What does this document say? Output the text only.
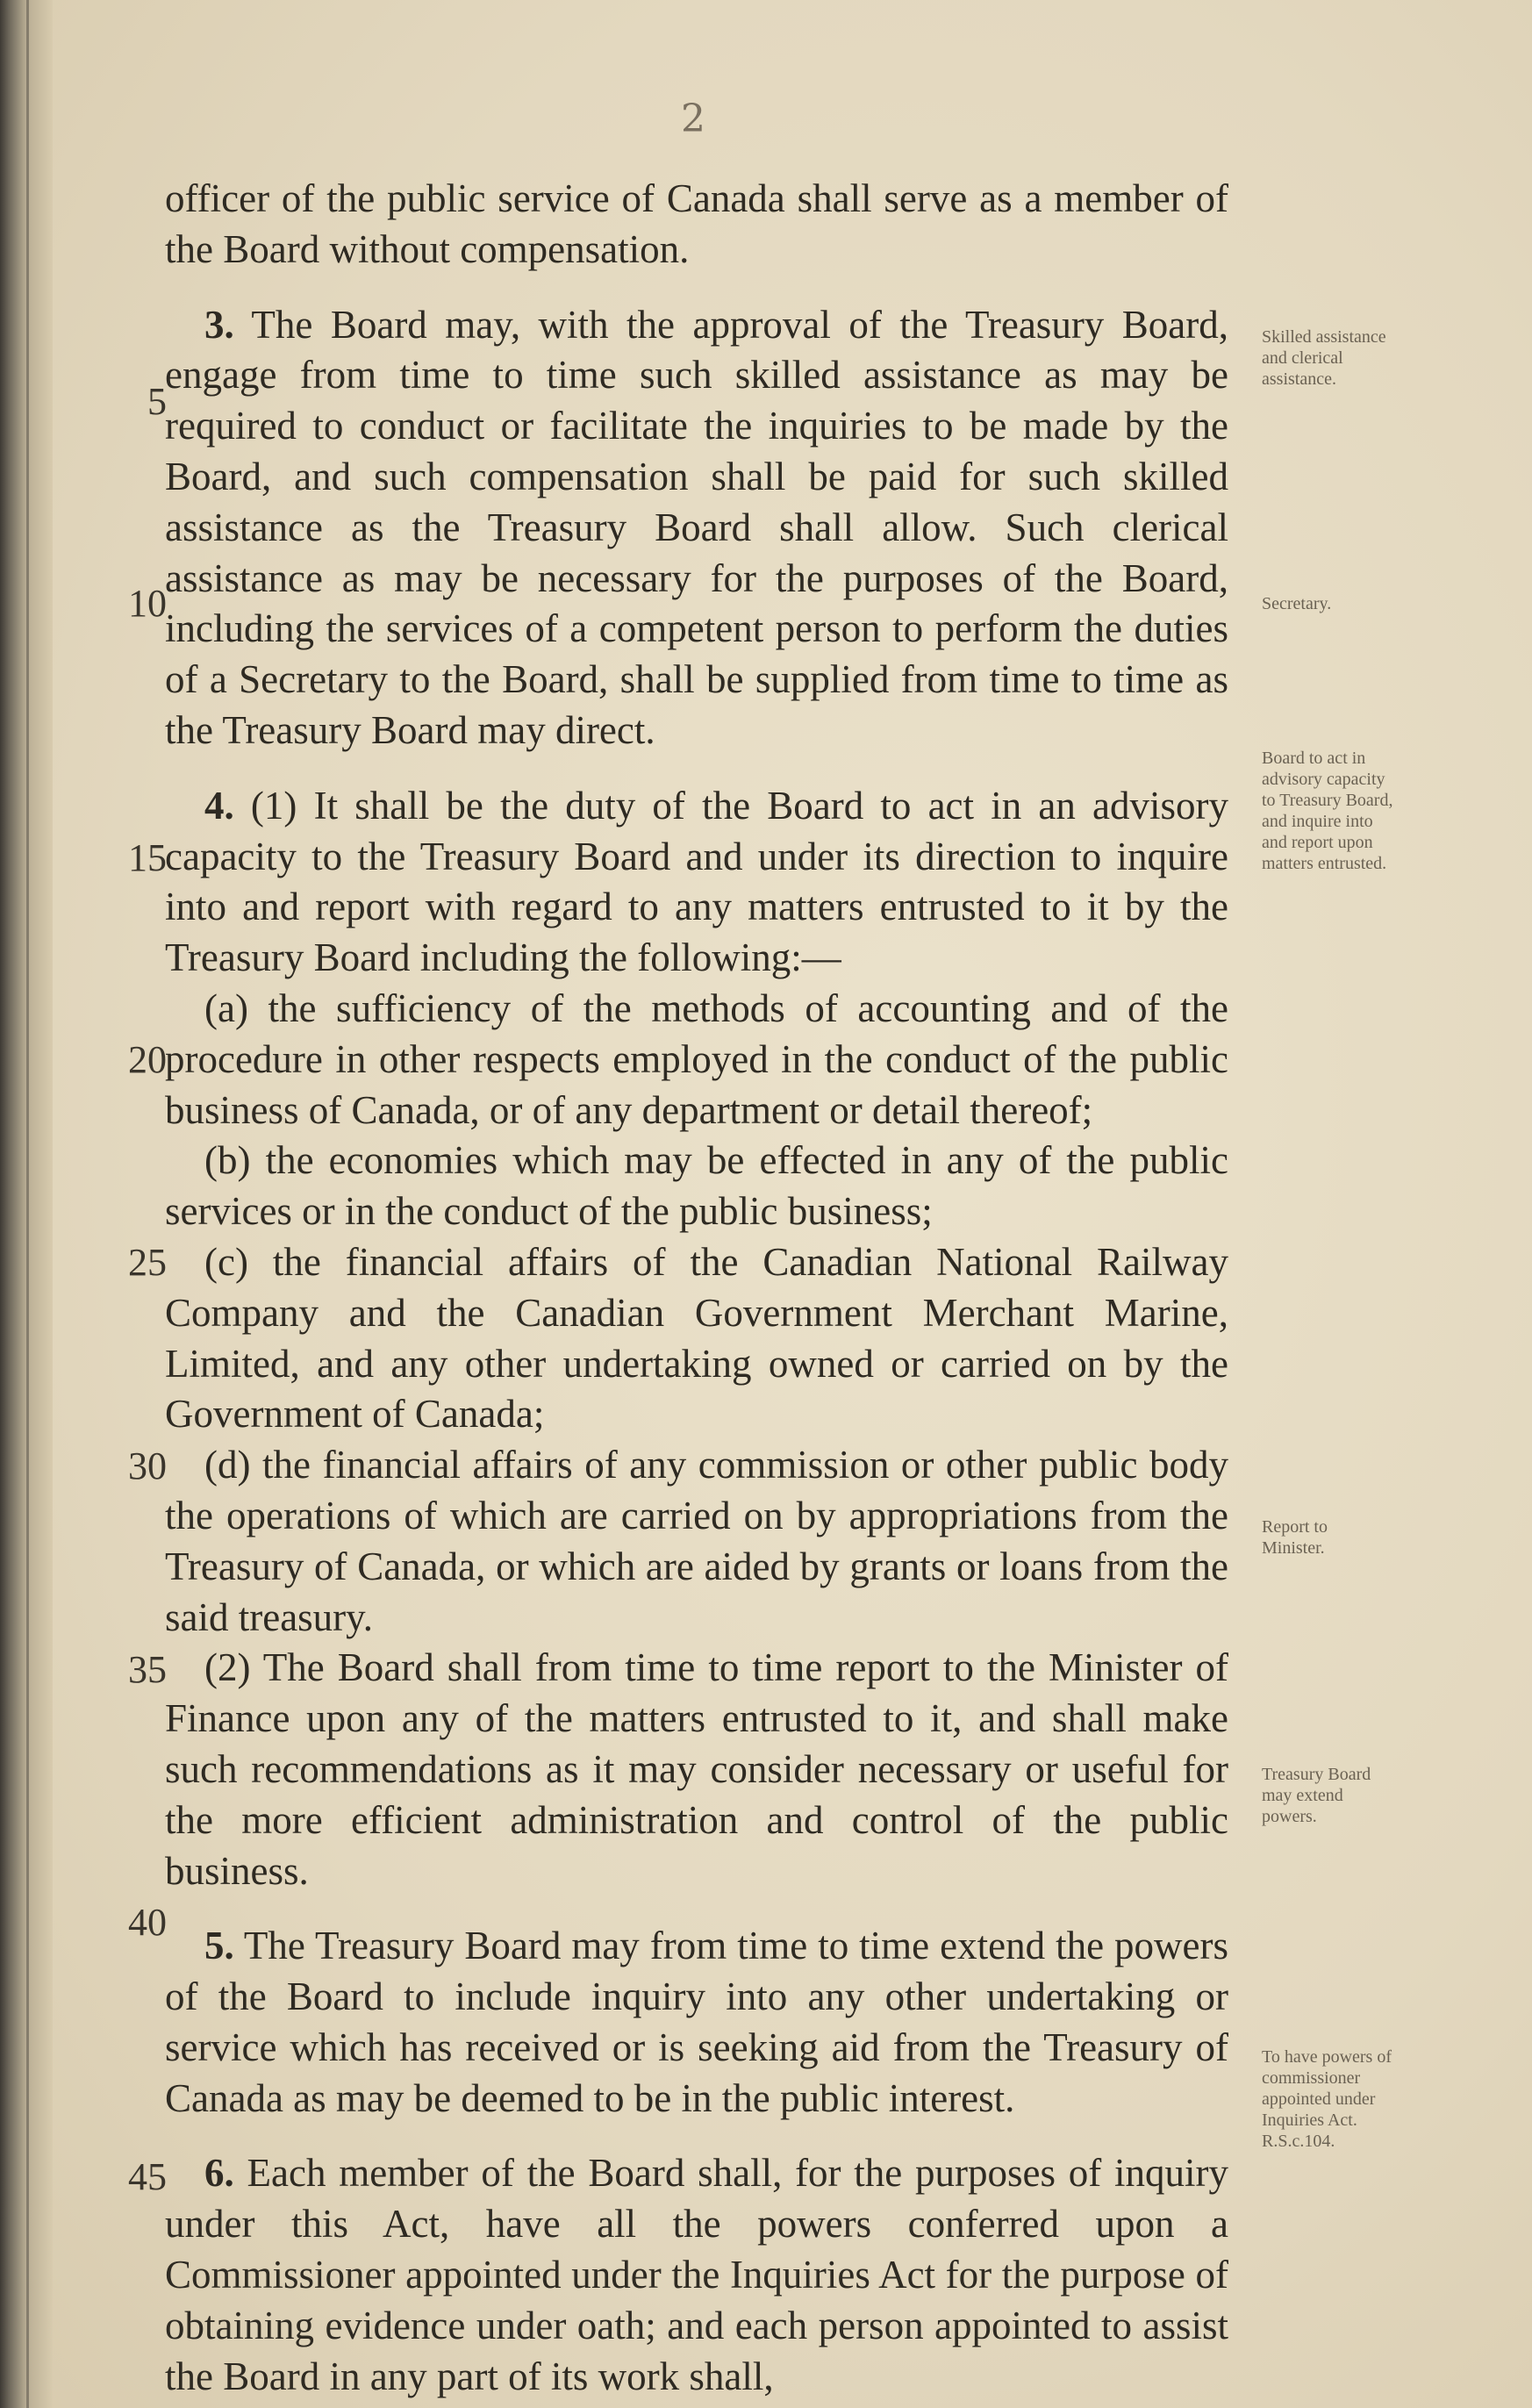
2

officer of the public service of Canada shall serve as a member of the Board without compensation.

 3. The Board may, with the approval of the Treasury Board, engage from time to time such skilled assistance as may be required to conduct or facilitate the inquiries to be made by the Board, and such compensation shall be paid for such skilled assistance as the Treasury Board shall allow. Such clerical assistance as may be necessary for the purposes of the Board, including the services of a competent person to perform the duties of a Secretary to the Board, shall be supplied from time to time as the Treasury Board may direct.

 4. (1) It shall be the duty of the Board to act in an advisory capacity to the Treasury Board and under its direction to inquire into and report with regard to any matters entrusted to it by the Treasury Board including the following:—

 (a) the sufficiency of the methods of accounting and of the procedure in other respects employed in the conduct of the public business of Canada, or of any department or detail thereof;

 (b) the economies which may be effected in any of the public services or in the conduct of the public business;

 (c) the financial affairs of the Canadian National Railway Company and the Canadian Government Merchant Marine, Limited, and any other undertaking owned or carried on by the Government of Canada;

 (d) the financial affairs of any commission or other public body the operations of which are carried on by appropriations from the Treasury of Canada, or which are aided by grants or loans from the said treasury.

 (2) The Board shall from time to time report to the Minister of Finance upon any of the matters entrusted to it, and shall make such recommendations as it may consider necessary or useful for the more efficient administration and control of the public business.

 5. The Treasury Board may from time to time extend the powers of the Board to include inquiry into any other undertaking or service which has received or is seeking aid from the Treasury of Canada as may be deemed to be in the public interest.

 6. Each member of the Board shall, for the purposes of inquiry under this Act, have all the powers conferred upon a Commissioner appointed under the Inquiries Act for the purpose of obtaining evidence under oath; and each person appointed to assist the Board in any part of its work shall,

5
10
15
20
25
30
35
40
45
Skilled assistance and clerical assistance.
Secretary.
Board to act in advisory capacity to Treasury Board, and inquire into and report upon matters entrusted.
Report to Minister.
Treasury Board may extend powers.
To have powers of commissioner appointed under Inquiries Act. R.S.c.104.
